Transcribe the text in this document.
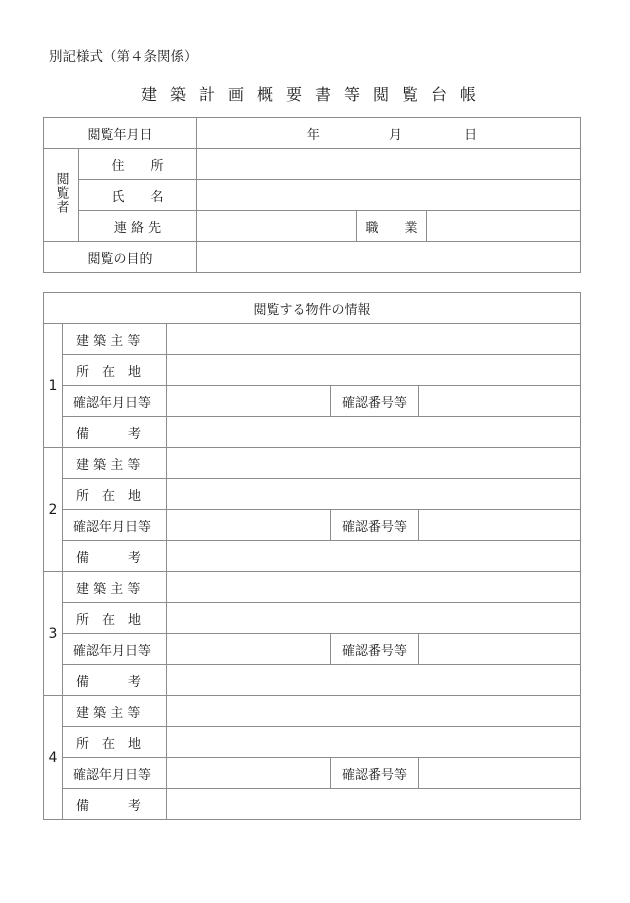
別記様式（第４条関係）
建築計画概要書等閲覧台帳
閲覧年月日		年 月 日		
閲覧者	住　　所			
	氏　　名			
	連 絡 先		職　　業	
閲覧の目的				
閲覧する物件の情報				
1	建 築 主 等			
	所　在　地			
	確認年月日等		確認番号等	
	備　　　考			
2	建 築 主 等			
	所　在　地			
	確認年月日等		確認番号等	
	備　　　考			
3	建 築 主 等			
	所　在　地			
	確認年月日等		確認番号等	
	備　　　考			
4	建 築 主 等			
	所　在　地			
	確認年月日等		確認番号等	
	備　　　考			
